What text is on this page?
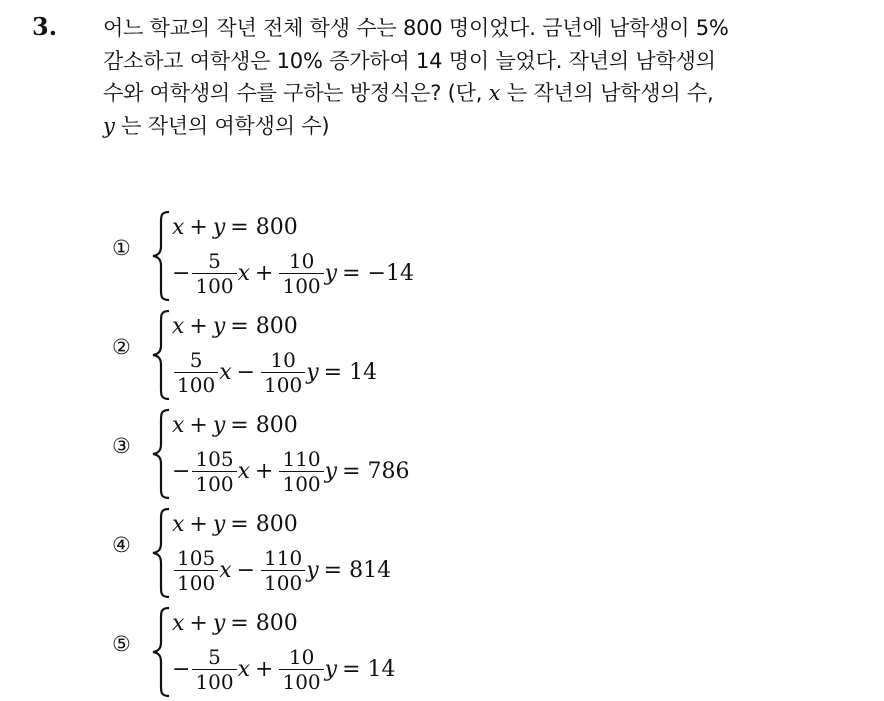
3. 어느 학교의 작년 전체 학생 수는 800 명이었다. 금년에 남학생이 5%

감소하고 여학생은 10% 증가하여 14 명이 늘었다. 작년의 남학생의

수와 여학생의 수를 구하는 방정식은? (단, x 는 작년의 남학생의 수,

y 는 작년의 여학생의 수)

①
x + y = 800
− $\frac{5}{100}$ $x + \frac{10}{100}$ y = −14
②
x + y = 800
$\frac{5}{100}$ $x - \frac{10}{100}$ y = 14
③
x + y = 800
− $\frac{105}{100}$ $x + \frac{110}{100}$ y = 786
④
x + y = 800
$\frac{105}{100}$ $x - \frac{110}{100}$ y = 814
⑤
x + y = 800
− $\frac{5}{100}$ $x + \frac{10}{100}$ y = 14
